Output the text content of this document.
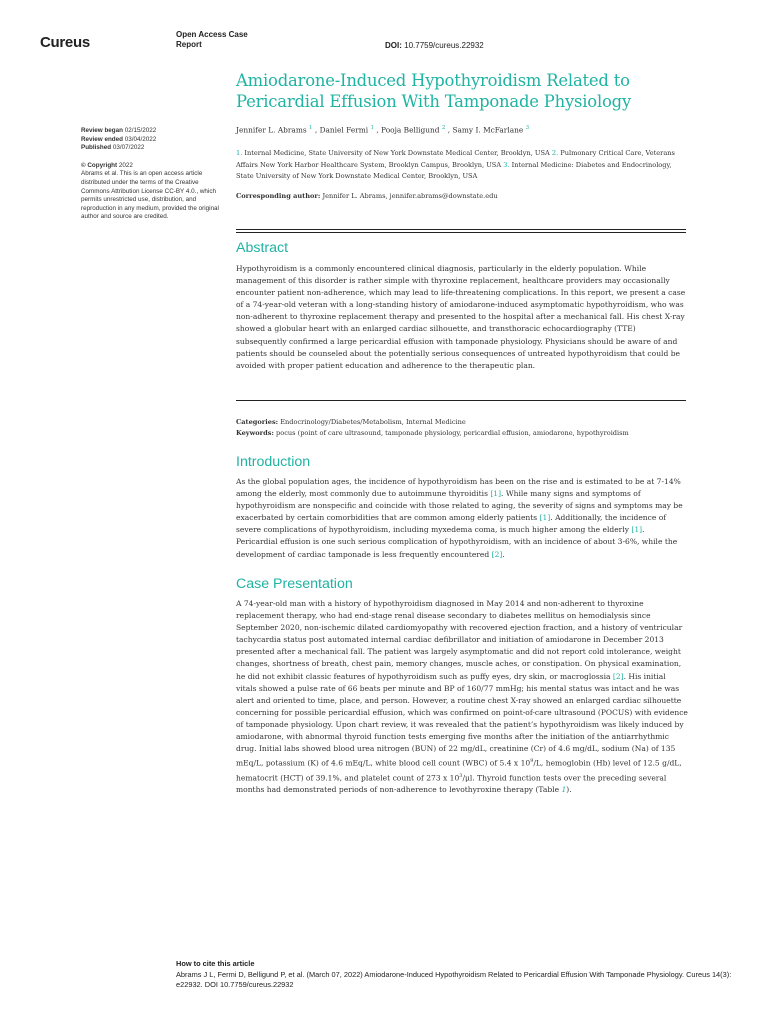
Cureus	Open Access Case
Report	DOI: 10.7759/cureus.22932
Review began 02/15/2022
Review ended 03/04/2022
Published 03/07/2022
© Copyright 2022
Abrams et al. This is an open access article distributed under the terms of the Creative Commons Attribution License CC-BY 4.0., which permits unrestricted use, distribution, and reproduction in any medium, provided the original author and source are credited.
Amiodarone-Induced Hypothyroidism Related to Pericardial Effusion With Tamponade Physiology
Jennifer L. Abrams $^1$ , Daniel Fermi $^1$ , Pooja Belligund $^2$ , Samy I. McFarlane $^3$
1. Internal Medicine, State University of New York Downstate Medical Center, Brooklyn, USA 2. Pulmonary Critical Care, Veterans Affairs New York Harbor Healthcare System, Brooklyn Campus, Brooklyn, USA 3. Internal Medicine: Diabetes and Endocrinology, State University of New York Downstate Medical Center, Brooklyn, USA
Corresponding author: Jennifer L. Abrams, jennifer.abrams@downstate.edu
Abstract

Hypothyroidism is a commonly encountered clinical diagnosis, particularly in the elderly population. While management of this disorder is rather simple with thyroxine replacement, healthcare providers may occasionally encounter patient non-adherence, which may lead to life-threatening complications. In this report, we present a case of a 74-year-old veteran with a long-standing history of amiodarone-induced asymptomatic hypothyroidism, who was non-adherent to thyroxine replacement therapy and presented to the hospital after a mechanical fall. His chest X-ray showed a globular heart with an enlarged cardiac silhouette, and transthoracic echocardiography (TTE) subsequently confirmed a large pericardial effusion with tamponade physiology. Physicians should be aware of and patients should be counseled about the potentially serious consequences of untreated hypothyroidism that could be avoided with proper patient education and adherence to the therapeutic plan.

Categories: Endocrinology/Diabetes/Metabolism, Internal Medicine
Keywords: pocus (point of care ultrasound, tamponade physiology, pericardial effusion, amiodarone, hypothyroidism
Introduction

As the global population ages, the incidence of hypothyroidism has been on the rise and is estimated to be at 7-14% among the elderly, most commonly due to autoimmune thyroiditis [1]. While many signs and symptoms of hypothyroidism are nonspecific and coincide with those related to aging, the severity of signs and symptoms may be exacerbated by certain comorbidities that are common among elderly patients [1]. Additionally, the incidence of severe complications of hypothyroidism, including myxedema coma, is much higher among the elderly [1]. Pericardial effusion is one such serious complication of hypothyroidism, with an incidence of about 3-6%, while the development of cardiac tamponade is less frequently encountered [2].

Case Presentation

A 74-year-old man with a history of hypothyroidism diagnosed in May 2014 and non-adherent to thyroxine replacement therapy, who had end-stage renal disease secondary to diabetes mellitus on hemodialysis since September 2020, non-ischemic dilated cardiomyopathy with recovered ejection fraction, and a history of ventricular tachycardia status post automated internal cardiac defibrillator and initiation of amiodarone in December 2013 presented after a mechanical fall. The patient was largely asymptomatic and did not report cold intolerance, weight changes, shortness of breath, chest pain, memory changes, muscle aches, or constipation. On physical examination, he did not exhibit classic features of hypothyroidism such as puffy eyes, dry skin, or macroglossia [2]. His initial vitals showed a pulse rate of 66 beats per minute and BP of 160/77 mmHg; his mental status was intact and he was alert and oriented to time, place, and person. However, a routine chest X-ray showed an enlarged cardiac silhouette concerning for possible pericardial effusion, which was confirmed on point-of-care ultrasound (POCUS) with evidence of tamponade physiology. Upon chart review, it was revealed that the patient’s hypothyroidism was likely induced by amiodarone, with abnormal thyroid function tests emerging five months after the initiation of the antiarrhythmic drug. Initial labs showed blood urea nitrogen (BUN) of 22 mg/dL, creatinine (Cr) of 4.6 mg/dL, sodium (Na) of 135 mEq/L, potassium (K) of 4.6 mEq/L, white blood cell count (WBC) of 5.4 x $10^9/L$, hemoglobin (Hb) level of 12.5 g/dL, hematocrit (HCT) of 39.1%, and platelet count of 273 x $10^3/\mu l$. Thyroid function tests over the preceding several months had demonstrated periods of non-adherence to levothyroxine therapy (Table 1).

How to cite this article
Abrams J L, Fermi D, Belligund P, et al. (March 07, 2022) Amiodarone-Induced Hypothyroidism Related to Pericardial Effusion With Tamponade Physiology. Cureus 14(3): e22932. DOI 10.7759/cureus.22932
